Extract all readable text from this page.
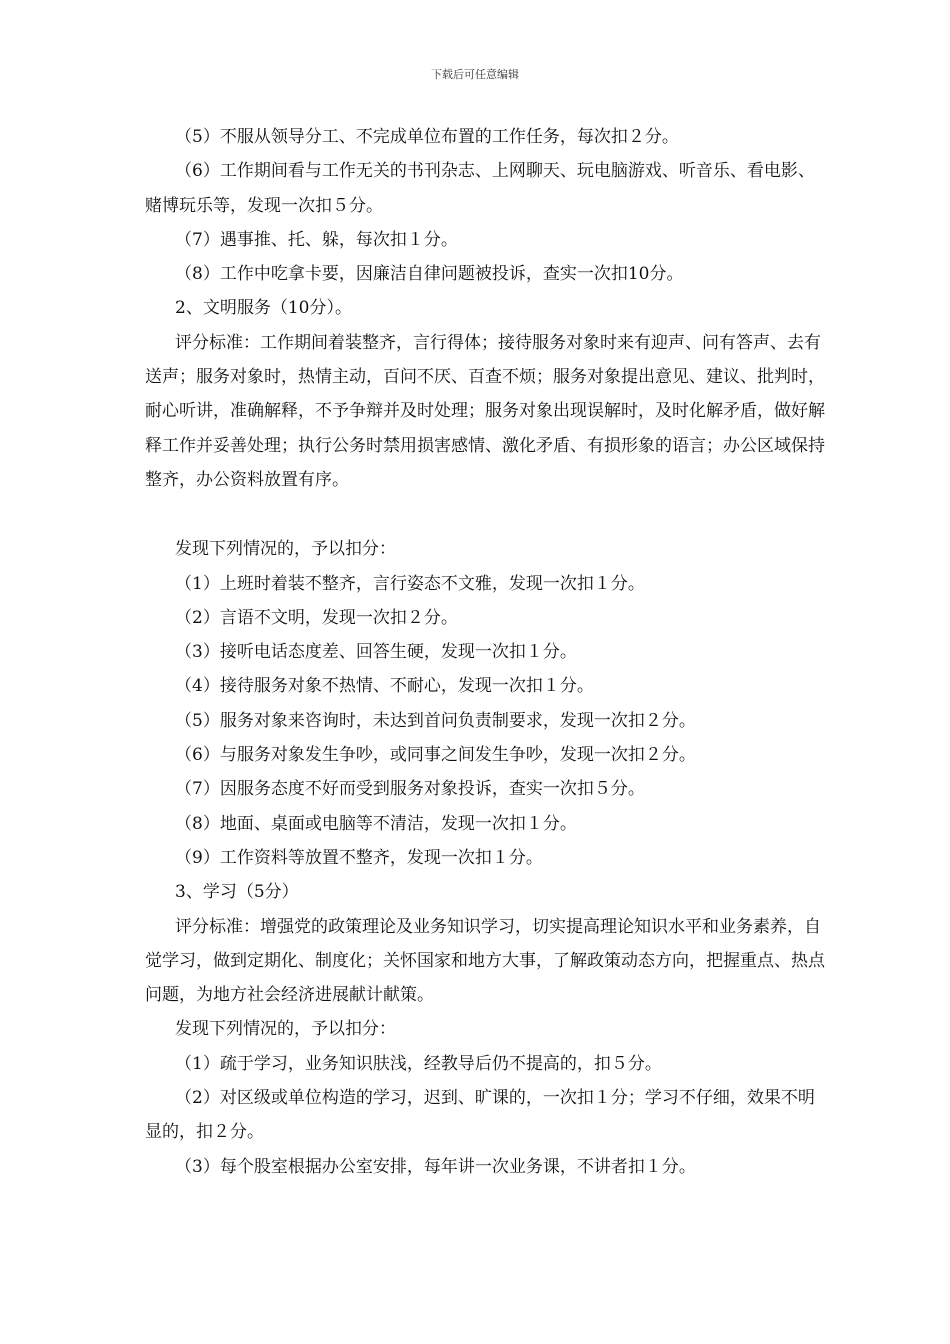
下载后可任意编辑

（5）不服从领导分工、不完成单位布置的工作任务，每次扣２分。

（6）工作期间看与工作无关的书刊杂志、上网聊天、玩电脑游戏、听音乐、看电影、赌博玩乐等，发现一次扣５分。

（7）遇事推、托、躲，每次扣１分。

（8）工作中吃拿卡要，因廉洁自律问题被投诉，查实一次扣10分。

2、文明服务（10分）。

评分标准：工作期间着装整齐，言行得体；接待服务对象时来有迎声、问有答声、去有送声；服务对象时，热情主动，百问不厌、百查不烦；服务对象提出意见、建议、批判时，耐心听讲，准确解释，不予争辩并及时处理；服务对象出现误解时，及时化解矛盾，做好解释工作并妥善处理；执行公务时禁用损害感情、激化矛盾、有损形象的语言；办公区域保持整齐，办公资料放置有序。

发现下列情况的，予以扣分：

（1）上班时着装不整齐，言行姿态不文雅，发现一次扣１分。

（2）言语不文明，发现一次扣２分。

（3）接听电话态度差、回答生硬，发现一次扣１分。

（4）接待服务对象不热情、不耐心，发现一次扣１分。

（5）服务对象来咨询时，未达到首问负责制要求，发现一次扣２分。

（6）与服务对象发生争吵，或同事之间发生争吵，发现一次扣２分。

（7）因服务态度不好而受到服务对象投诉，查实一次扣５分。

（8）地面、桌面或电脑等不清洁，发现一次扣１分。

（9）工作资料等放置不整齐，发现一次扣１分。

3、学习（5分）

评分标准：增强党的政策理论及业务知识学习，切实提高理论知识水平和业务素养，自觉学习，做到定期化、制度化；关怀国家和地方大事，了解政策动态方向，把握重点、热点问题，为地方社会经济进展献计献策。

发现下列情况的，予以扣分：

（1）疏于学习，业务知识肤浅，经教导后仍不提高的，扣５分。

（2）对区级或单位构造的学习，迟到、旷课的，一次扣１分；学习不仔细，效果不明显的，扣２分。

（3）每个股室根据办公室安排，每年讲一次业务课，不讲者扣１分。
